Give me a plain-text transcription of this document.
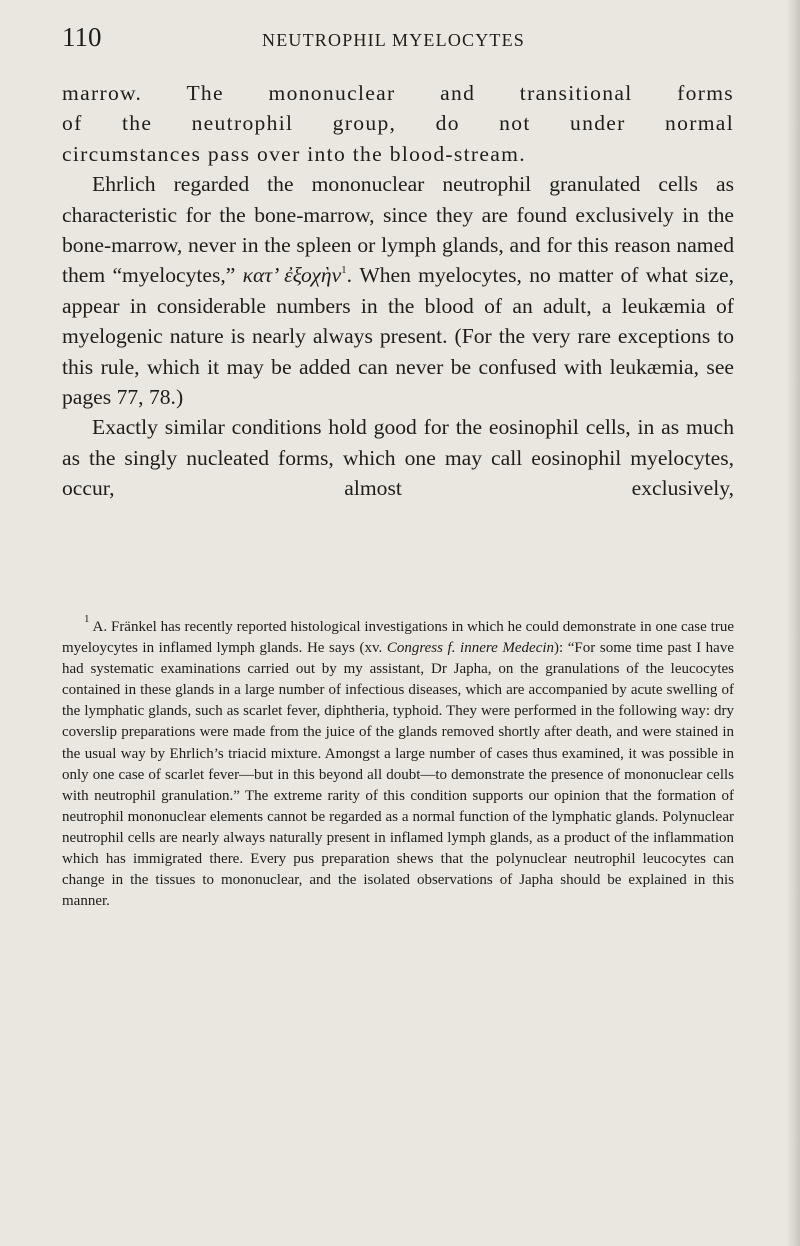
110	NEUTROPHIL MYELOCYTES

marrow. The mononuclear and transitional forms

of the neutrophil group, do not under normal

circumstances pass over into the blood-stream.

Ehrlich regarded the mononuclear neutrophil granulated cells as characteristic for the bone-marrow, since they are found exclusively in the bone-marrow, never in the spleen or lymph glands, and for this reason named them “myelocytes,” κατ’ ἐξοχὴν$^1$. When myelocytes, no matter of what size, appear in considerable numbers in the blood of an adult, a leukæmia of myelogenic nature is nearly always present. (For the very rare exceptions to this rule, which it may be added can never be confused with leukæmia, see pages 77, 78.)

Exactly similar conditions hold good for the eosinophil cells, in as much as the singly nucleated forms, which one may call eosinophil myelocytes, occur, almost exclusively,

$^1$ A. Fränkel has recently reported histological investigations in which he could demonstrate in one case true myeloycytes in inflamed lymph glands. He says (xv. Congress f. innere Medecin): “For some time past I have had systematic examinations carried out by my assistant, Dr Japha, on the granulations of the leucocytes contained in these glands in a large number of infectious diseases, which are accompanied by acute swelling of the lymphatic glands, such as scarlet fever, diphtheria, typhoid. They were performed in the following way: dry coverslip preparations were made from the juice of the glands removed shortly after death, and were stained in the usual way by Ehrlich’s triacid mixture. Amongst a large number of cases thus examined, it was possible in only one case of scarlet fever—but in this beyond all doubt—to demonstrate the presence of mononuclear cells with neutrophil granulation.” The extreme rarity of this condition supports our opinion that the formation of neutrophil mononuclear elements cannot be regarded as a normal function of the lymphatic glands. Polynuclear neutrophil cells are nearly always naturally present in inflamed lymph glands, as a product of the inflammation which has immigrated there. Every pus preparation shews that the polynuclear neutrophil leucocytes can change in the tissues to mononuclear, and the isolated observations of Japha should be explained in this manner.
